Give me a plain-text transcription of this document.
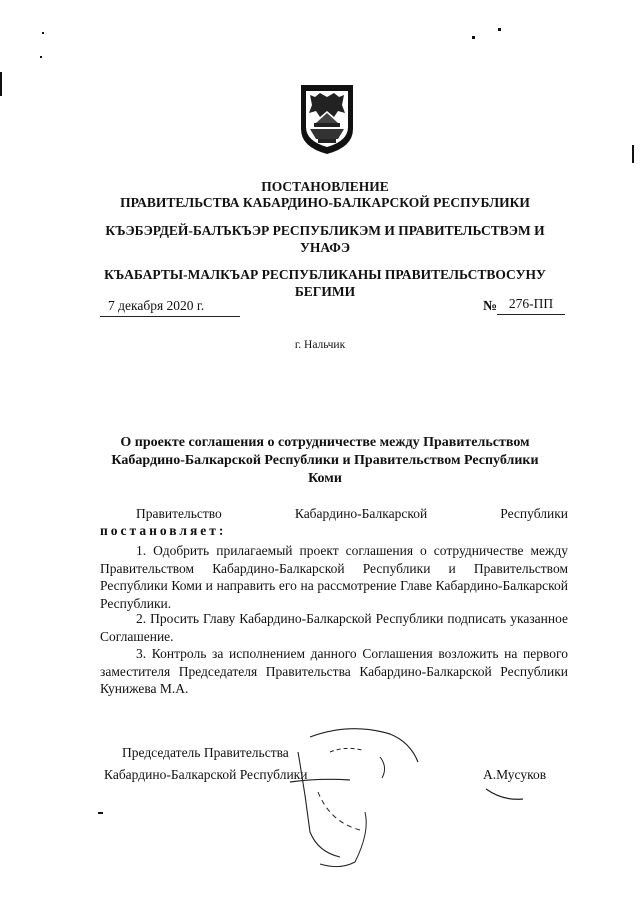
ПОСТАНОВЛЕНИЕ
ПРАВИТЕЛЬСТВА КАБАРДИНО-БАЛКАРСКОЙ РЕСПУБЛИКИ
КЪЭБЭРДЕЙ-БАЛЪКЪЭР РЕСПУБЛИКЭМ И ПРАВИТЕЛЬСТВЭМ И УНАФЭ
КЪАБАРТЫ-МАЛКЪАР РЕСПУБЛИКАНЫ ПРАВИТЕЛЬСТВОСУНУ БЕГИМИ
7 декабря 2020 г.	№ 276-ПП
г. Нальчик
О проекте соглашения о сотрудничестве между Правительством Кабардино-Балкарской Республики и Правительством Республики Коми
Правительство Кабардино-Балкарской Республики
постановляет:
1. Одобрить прилагаемый проект соглашения о сотрудничестве между Правительством Кабардино-Балкарской Республики и Правительством Республики Коми и направить его на рассмотрение Главе Кабардино-Балкарской Республики.
2. Просить Главу Кабардино-Балкарской Республики подписать указанное Соглашение.
3. Контроль за исполнением данного Соглашения возложить на первого заместителя Председателя Правительства Кабардино-Балкарской Республики Кунижева М.А.
Председатель Правительства
Кабардино-Балкарской Республики	А.Мусуков
